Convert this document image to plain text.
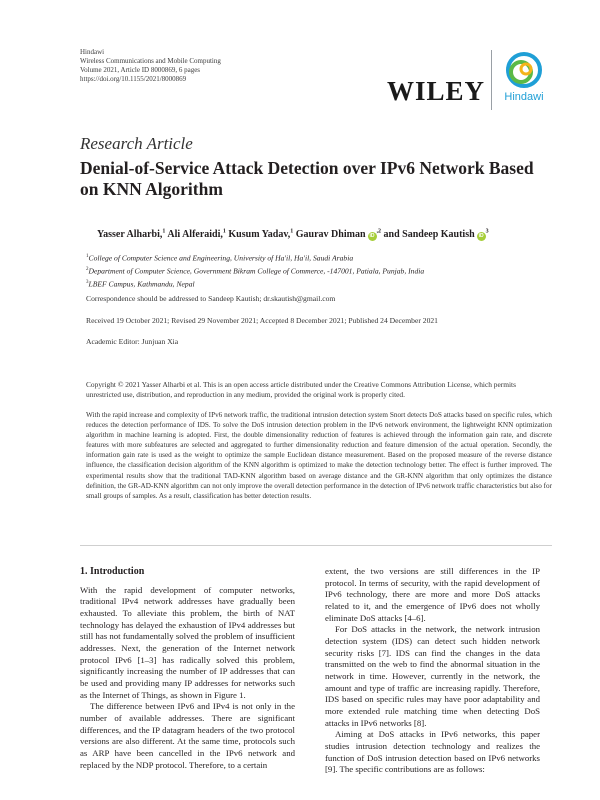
Hindawi
Wireless Communications and Mobile Computing
Volume 2021, Article ID 8000869, 6 pages
https://doi.org/10.1155/2021/8000869	WILEY	Hindawi
Research Article
Denial-of-Service Attack Detection over IPv6 Network Based on KNN Algorithm
Yasser Alharbi,$^1$ Ali Alferaidi,$^1$ Kusum Yadav,$^1$ Gaurav Dhiman $iD^{,2}$ and Sandeep Kautish $iD^3$
$^1$College of Computer Science and Engineering, University of Ha'il, Ha'il, Saudi Arabia
$^2$Department of Computer Science, Government Bikram College of Commerce, -147001, Patiala, Punjab, India
$^3$LBEF Campus, Kathmandu, Nepal
Correspondence should be addressed to Sandeep Kautish; dr.skautish@gmail.com
Received 19 October 2021; Revised 29 November 2021; Accepted 8 December 2021; Published 24 December 2021
Academic Editor: Junjuan Xia
Copyright © 2021 Yasser Alharbi et al. This is an open access article distributed under the Creative Commons Attribution License, which permits unrestricted use, distribution, and reproduction in any medium, provided the original work is properly cited.
With the rapid increase and complexity of IPv6 network traffic, the traditional intrusion detection system Snort detects DoS attacks based on specific rules, which reduces the detection performance of IDS. To solve the DoS intrusion detection problem in the IPv6 network environment, the lightweight KNN optimization algorithm in machine learning is adopted. First, the double dimensionality reduction of features is achieved through the information gain rate, and discrete features with more subfeatures are selected and aggregated to further dimensionality reduction and feature dimension of the actual operation. Secondly, the information gain rate is used as the weight to optimize the sample Euclidean distance measurement. Based on the proposed measure of the reverse distance influence, the classification decision algorithm of the KNN algorithm is optimized to make the detection technology better. The effect is further improved. The experimental results show that the traditional TAD-KNN algorithm based on average distance and the GR-KNN algorithm that only optimizes the distance definition, the GR-AD-KNN algorithm can not only improve the overall detection performance in the detection of IPv6 network traffic characteristics but also for small groups of samples. As a result, classification has better detection results.
1. Introduction

With the rapid development of computer networks, traditional IPv4 network addresses have gradually been exhausted. To alleviate this problem, the birth of NAT technology has delayed the exhaustion of IPv4 addresses but still has not fundamentally solved the problem of insufficient addresses. Next, the generation of the Internet network protocol IPv6 [1–3] has radically solved this problem, significantly increasing the number of IP addresses that can be used and providing many IP addresses for networks such as the Internet of Things, as shown in Figure 1.

The difference between IPv6 and IPv4 is not only in the number of available addresses. There are significant differences, and the IP datagram headers of the two protocol versions are also different. At the same time, protocols such as ARP have been cancelled in the IPv6 network and replaced by the NDP protocol. Therefore, to a certain

extent, the two versions are still differences in the IP protocol. In terms of security, with the rapid development of IPv6 technology, there are more and more DoS attacks related to it, and the emergence of IPv6 does not wholly eliminate DoS attacks [4–6].

For DoS attacks in the network, the network intrusion detection system (IDS) can detect such hidden network security risks [7]. IDS can find the changes in the data transmitted on the web to find the abnormal situation in the network in time. However, currently in the network, the amount and type of traffic are increasing rapidly. Therefore, IDS based on specific rules may have poor adaptability and more extended rule matching time when detecting DoS attacks in IPv6 networks [8].

Aiming at DoS attacks in IPv6 networks, this paper studies intrusion detection technology and realizes the function of DoS intrusion detection based on IPv6 networks [9]. The specific contributions are as follows:
